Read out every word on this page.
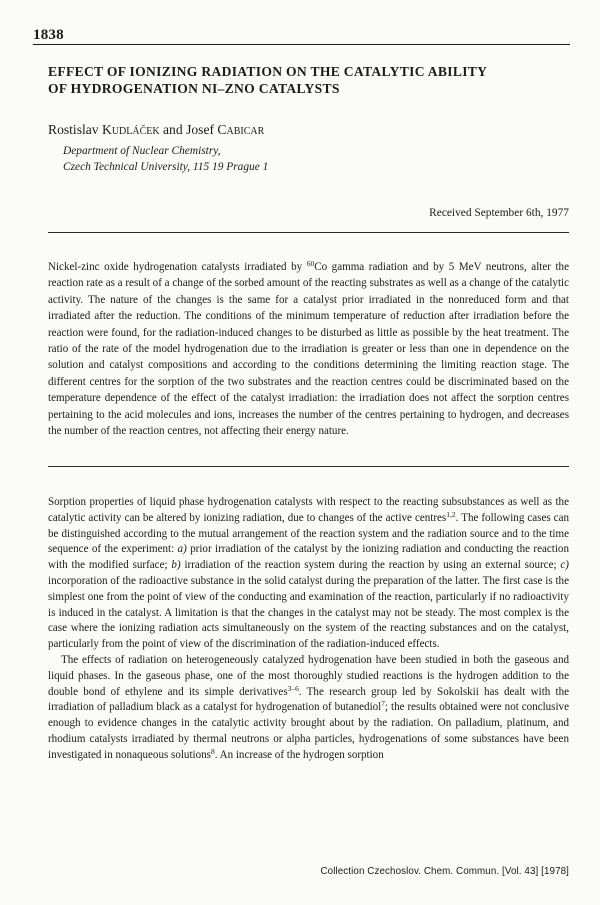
1838
EFFECT OF IONIZING RADIATION ON THE CATALYTIC ABILITY
OF HYDROGENATION NI–ZNO CATALYSTS
Rostislav Kudláček and Josef Cabicar
Department of Nuclear Chemistry,
Czech Technical University, 115 19 Prague 1
Received September 6th, 1977

Nickel-zinc oxide hydrogenation catalysts irradiated by $^{60}$Co gamma radiation and by 5 MeV neutrons, alter the reaction rate as a result of a change of the sorbed amount of the reacting substrates as well as a change of the catalytic activity. The nature of the changes is the same for a catalyst prior irradiated in the nonreduced form and that irradiated after the reduction. The conditions of the minimum temperature of reduction after irradiation before the reaction were found, for the radiation-induced changes to be disturbed as little as possible by the heat treatment. The ratio of the rate of the model hydrogenation due to the irradiation is greater or less than one in dependence on the solution and catalyst compositions and according to the conditions determining the limiting reaction stage. The different centres for the sorption of the two substrates and the reaction centres could be discriminated based on the temperature dependence of the effect of the catalyst irradiation: the irradiation does not affect the sorption centres pertaining to the acid molecules and ions, increases the number of the centres pertaining to hydrogen, and decreases the number of the reaction centres, not affecting their energy nature.

Sorption properties of liquid phase hydrogenation catalysts with respect to the reacting subsubstances as well as the catalytic activity can be altered by ionizing radiation, due to changes of the active centres$^{1,2}$. The following cases can be distinguished according to the mutual arrangement of the reaction system and the radiation source and to the time sequence of the experiment: a) prior irradiation of the catalyst by the ionizing radiation and conducting the reaction with the modified surface; b) irradiation of the reaction system during the reaction by using an external source; c) incorporation of the radioactive substance in the solid catalyst during the preparation of the latter. The first case is the simplest one from the point of view of the conducting and examination of the reaction, particularly if no radioactivity is induced in the catalyst. A limitation is that the changes in the catalyst may not be steady. The most complex is the case where the ionizing radiation acts simultaneously on the system of the reacting substances and on the catalyst, particularly from the point of view of the discrimination of the radiation-induced effects.

The effects of radiation on heterogeneously catalyzed hydrogenation have been studied in both the gaseous and liquid phases. In the gaseous phase, one of the most thoroughly studied reactions is the hydrogen addition to the double bond of ethylene and its simple derivatives$^{3-6}$. The research group led by Sokolskii has dealt with the irradiation of palladium black as a catalyst for hydrogenation of butanediol$^7$; the results obtained were not conclusive enough to evidence changes in the catalytic activity brought about by the radiation. On palladium, platinum, and rhodium catalysts irradiated by thermal neutrons or alpha particles, hydrogenations of some substances have been investigated in nonaqueous solutions$^8$. An increase of the hydrogen sorption

Collection Czechoslov. Chem. Commun. [Vol. 43] [1978]
